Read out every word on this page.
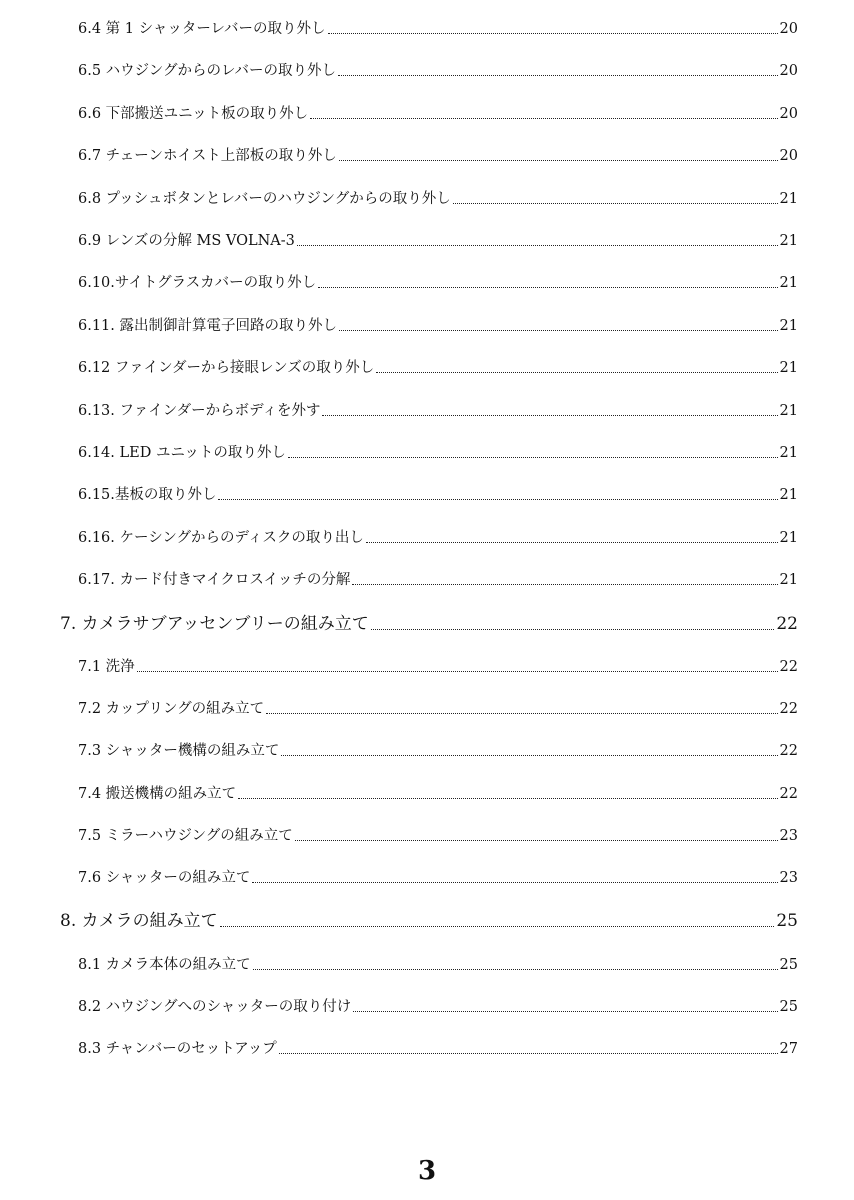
6.4 第 1 シャッターレバーの取り外し	20
6.5 ハウジングからのレバーの取り外し	20
6.6 下部搬送ユニット板の取り外し	20
6.7 チェーンホイスト上部板の取り外し	20
6.8 プッシュボタンとレバーのハウジングからの取り外し	21
6.9 レンズの分解 MS VOLNA-3	21
6.10.サイトグラスカバーの取り外し	21
6.11. 露出制御計算電子回路の取り外し	21
6.12 ファインダーから接眼レンズの取り外し	21
6.13. ファインダーからボディを外す	21
6.14. LED ユニットの取り外し	21
6.15.基板の取り外し	21
6.16. ケーシングからのディスクの取り出し	21
6.17. カード付きマイクロスイッチの分解	21
7. カメラサブアッセンブリーの組み立て	22
7.1 洗浄	22
7.2 カップリングの組み立て	22
7.3 シャッター機構の組み立て	22
7.4 搬送機構の組み立て	22
7.5 ミラーハウジングの組み立て	23
7.6 シャッターの組み立て	23
8. カメラの組み立て	25
8.1 カメラ本体の組み立て	25
8.2 ハウジングへのシャッターの取り付け	25
8.3 チャンバーのセットアップ	27
3
